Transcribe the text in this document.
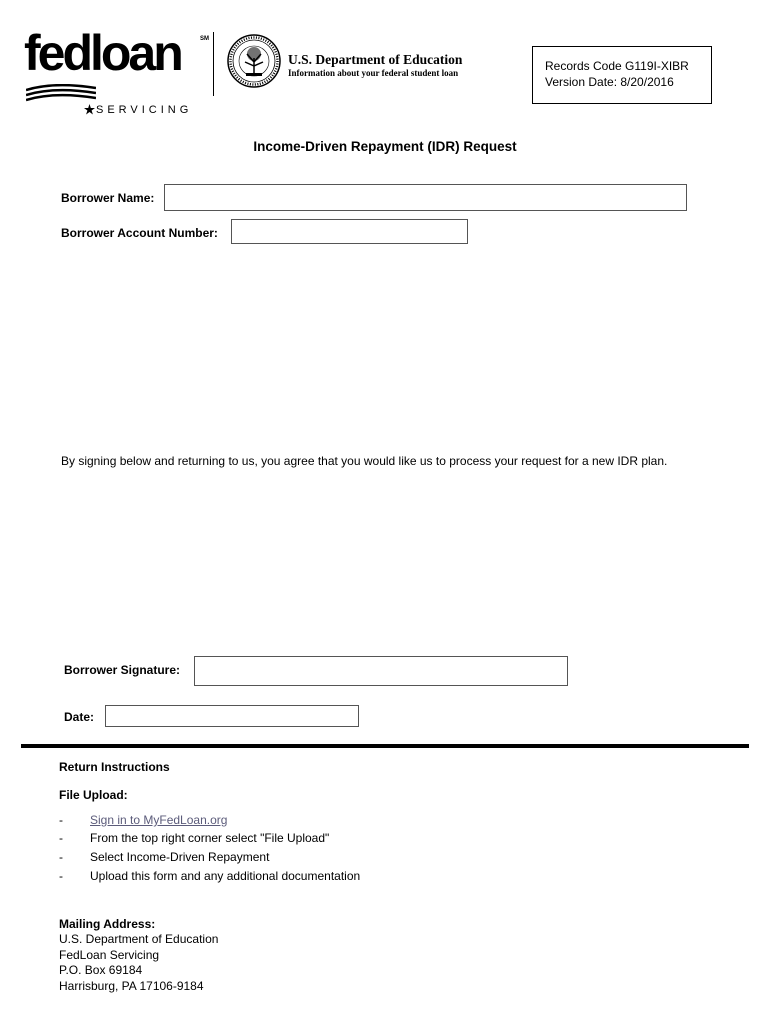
fedloan	SM
SERVICING
U.S. Department of Education
Information about your federal student loan	Records Code G119I-XIBR
Version Date: 8/20/2016
Income-Driven Repayment (IDR) Request
Borrower Name:
Borrower Account Number:
By signing below and returning to us, you agree that you would like us to process your request for a new IDR plan.
Borrower Signature:
Date:
Return Instructions
File Upload:
- Sign in to MyFedLoan.org
- From the top right corner select "File Upload"
- Select Income-Driven Repayment
- Upload this form and any additional documentation
Mailing Address:
U.S. Department of Education
FedLoan Servicing
P.O. Box 69184
Harrisburg, PA 17106-9184
